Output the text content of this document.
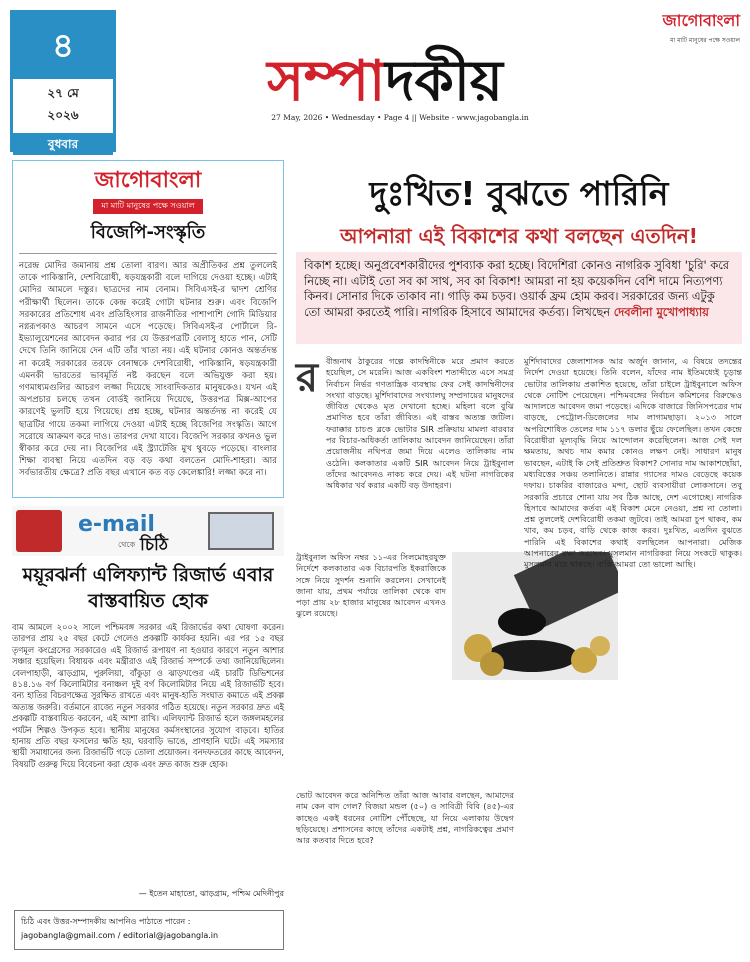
৪
২৭ মে
২০২৬
বুধবার
সম্পাদকীয়
27 May, 2026 • Wednesday • Page 4 || Website - www.jagobangla.in
জাগোবাংলা
মা মাটি মানুষের পক্ষে সওয়াল
জাগোবাংলা
মা মাটি মানুষের পক্ষে সওয়াল
বিজেপি-সংস্কৃতি
নরেন্দ্র মোদির জমানায় প্রশ্ন তোলা বারণ। আর অপ্রীতিকর প্রশ্ন তুললেই তাকে পাকিস্তানি, দেশবিরোধী, ষড়যন্ত্রকারী বলে দাগিয়ে দেওয়া হচ্ছে। এটাই মোদির আমলে দস্তুর। ছাত্রদের নাম বেনাম। সিবিএসই-র দ্বাদশ শ্রেণির পরীক্ষার্থী ছিলেন। তাকে কেন্দ্র করেই গোটা ঘটনার শুরু। এবং বিজেপি সরকারের প্রতিশোধ এবং প্রতিহিংসার রাজনীতির পাশাপাশি গোদি মিডিয়ার নগ্নরূপকাও আচরণ সামনে এসে পড়েছে। সিবিএসই-র পোর্টালে রি-ইভ্যালুয়েশনের আবেদন করার পর যে উত্তরপত্রটি বেলাসু হাতে পান, সেটি দেখে তিনি জানিয়ে দেন এটি তাঁর খাতা নয়। এই ঘটনার কোনও অন্তর্তদন্ত না করেই সরকারের তরফে বেনাম্বকে দেশবিরোধী, পাকিস্তানি, ষড়যন্ত্রকারী এমনকী ভারতের ভাবমূর্তি নষ্ট করছেন বলে অভিযুক্ত করা হয়। গণমাধ্যমগুলির আচরণ লজ্জা দিয়েছে সাংবাদিকতার মানুষকেও। যখন এই অপপ্রচার চলছে তখন বোর্ডই জানিয়ে দিয়েছে, উত্তরপত্র মিক্স-আপের কারণেই ভুলটি হয়ে গিয়েছে। প্রশ্ন হচ্ছে, ঘটনার অন্তর্তদন্ত না করেই যে ছাত্রটির গায়ে তকমা লাগিয়ে দেওয়া এটাই হচ্ছে বিজেপির সংস্কৃতি। আগে সরোষে আক্রমণ করে দাও। তারপর দেখা যাবে। বিজেপি সরকার কখনও ভুল স্বীকার করে দেয় না। বিজেপির এই স্ট্র্যাটেজি মুখ থুবড়ে পড়েছে। বাংলার শিক্ষা ব্যবস্থা নিয়ে এতদিন বড় বড় কথা বলতেন মোদি-শাহরা। আর সর্বভারতীয় ক্ষেত্রে? প্রতি বছর এখানে কত বড় কেলেঙ্কারি! লজ্জা করে না।
e-mail
থেকে চিঠি
ময়ূরঝর্না এলিফ্যান্ট রিজার্ভ এবার বাস্তবায়িত হোক
বাম আমলে ২০০২ সালে পশ্চিমবঙ্গ সরকার এই রিজার্ভের কথা ঘোষণা করেন। তারপর প্রায় ২৫ বছর কেটে গেলেও প্রকল্পটি কার্যকর হয়নি। এর পর ১৫ বছর তৃণমূল কংগ্রেসের সরকারেও এই রিজার্ভ রূপায়ণ না হওয়ার কারণে নতুন আশার সঞ্চার হয়েছিল। বিধায়ক এবং মন্ত্রীরাও এই রিজার্ভ সম্পর্কে তথ্য জানিয়েছিলেন। বেলপাহাড়ী, ঝাড়গ্রাম, পুরুলিয়া, বাঁকুড়া ও ঝাড়খণ্ডের এই চারটি ডিভিশনের ৪১৪.১৬ বর্গ কিলোমিটার বনাঞ্চল দুই বর্গ কিলোমিটার নিয়ে এই রিজার্ভটি হবে। বন্য হাতির বিচরণক্ষেত্র সুরক্ষিত রাখতে এবং মানুষ-হাতি সংঘাত কমাতে এই প্রকল্প অত্যন্ত জরুরি। বর্তমানে রাজ্যে নতুন সরকার গঠিত হয়েছে। নতুন সরকার দ্রুত এই প্রকল্পটি বাস্তবায়িত করবেন, এই আশা রাখি। এলিফ্যান্ট রিজার্ভ হলে জঙ্গলমহলের পর্যটন শিল্পও উপকৃত হবে। স্থানীয় মানুষের কর্মসংস্থানের সুযোগ বাড়বে। হাতির হানায় প্রতি বছর ফসলের ক্ষতি হয়, ঘরবাড়ি ভাঙে, প্রাণহানি ঘটে। এই সমস্যার স্থায়ী সমাধানের জন্য রিজার্ভটি গড়ে তোলা প্রয়োজন। বনদফতরের কাছে আবেদন, বিষয়টি গুরুত্ব দিয়ে বিবেচনা করা হোক এবং দ্রুত কাজ শুরু হোক।
— ইতেন মাহাতো, ঝাড়গ্রাম, পশ্চিম মেদিনীপুর
চিঠি এবং উত্তর-সম্পাদকীয় আপনিও পাঠাতে পারেন :
jagobangla@gmail.com / editorial@jagobangla.in
দুঃখিত! বুঝতে পারিনি
আপনারা এই বিকাশের কথা বলছেন এতদিন!
বিকাশ হচ্ছে। অনুপ্রবেশকারীদের পুশব্যাক করা হচ্ছে। বিদেশিরা কোনও নাগরিক সুবিধা 'চুরি' করে নিচ্ছে না। এটাই তো সব কা সাথ, সব কা বিকাশ! আমরা না হয় কয়েকদিন বেশি দামে নিত্যপণ্য কিনব। সোনার দিকে তাকাব না। গাড়ি কম চড়ব। ওয়ার্ক ফ্রম হোম করব। সরকারের জন্য এটুকু তো আমরা করতেই পারি। নাগরিক হিসাবে আমাদের কর্তব্য। লিখছেন দেবলীনা মুখোপাধ্যায়
র বীন্দ্রনাথ ঠাকুরের গল্পে কাদম্বিনীকে মরে প্রমাণ করতে হয়েছিল, সে মরেনি। আজ একবিংশ শতাব্দীতে এসে সমগ্র নির্বাচন নির্ভর গণতান্ত্রিক ব্যবস্থায় ফের সেই কাদম্বিনীদের সংখ্যা বাড়ছে। মুর্শিদাবাদের সংখ্যালঘু সম্প্রদায়ের মানুষদের জীবিত থেকেও মৃত দেখানো হচ্ছে। মহিলা বলে বুঝি প্রমাণিত হবে তাঁরা জীবিত। এই বাস্তব অত্যন্ত জটিল। ফরাক্কার চাচণ্ড ব্লকে ভোটার SIR প্রক্রিয়ায় মামলা বারবার পর বিচার-অধিকর্তা তালিকায় আবেদন জানিয়েছেন। তাঁরা প্রয়োজনীয় নথিপত্র জমা দিয়ে এলেও তালিকায় নাম ওঠেনি। কলকাতার একটি SIR আবেদন নিয়ে ট্রাইবুনাল তাঁদের আবেদনও নাকচ করে দেয়। এই ঘটনা নাগরিকের অধিকার খর্ব করার একটি বড় উদাহরণ।

ট্রাইবুনাল অফিস নম্বর ১১-এর সিলমোহরযুক্ত নির্দেশে কলকাতার এক বিচারপতি ইকরাজিকে সঙ্গে নিয়ে সুদর্শন শুনানি করলেন। সেখানেই জানা যায়, প্রথম পর্যায়ে তালিকা থেকে বাদ পড়া প্রায় ২৮ হাজার মানুষের আবেদন এখনও ঝুলে রয়েছে।

ভোট আবেদন করে অনিশ্চিত তাঁরা আজ আবার বলছেন, আমাদের নাম কেন বাদ গেল? বিজয়া মন্ডল (৫০) ও সাবিত্রী বিবি (৪৫)-এর কাছেও একই ধরনের নোটিশ পৌঁছেছে, যা নিয়ে এলাকায় উদ্বেগ ছড়িয়েছে। প্রশাসনের কাছে তাঁদের একটাই প্রশ্ন, নাগরিকত্বের প্রমাণ আর কতবার দিতে হবে?

মুর্শিদাবাদের জেলাশাসক আর অর্জুন জানান, এ বিষয়ে তদন্তের নির্দেশ দেওয়া হয়েছে। তিনি বলেন, যাঁদের নাম ইতিমধ্যেই চূড়ান্ত ভোটার তালিকায় প্রকাশিত হয়েছে, তাঁরা চাইলে ট্রাইবুনালে অফিস থেকে নোটিশ পেয়েছেন। পশ্চিমবঙ্গের নির্বাচন কমিশনের বিরুদ্ধেও আদালতে আবেদন জমা পড়েছে। এদিকে বাজারে জিনিসপত্রের দাম বাড়ছে, পেট্রোল-ডিজেলের দাম লাগামছাড়া। ২০১৩ সালে অপরিশোধিত তেলের দাম ১১৭ ডলার ছুঁয়ে ফেলেছিল। তখন কেন্দ্রে বিরোধীরা মূল্যবৃদ্ধি নিয়ে আন্দোলন করেছিলেন। আজ সেই দল ক্ষমতায়, অথচ দাম কমার কোনও লক্ষণ নেই। সাধারণ মানুষ ভাবছেন, এটাই কি সেই প্রতিশ্রুত বিকাশ? সোনার দাম আকাশছোঁয়া, মধ্যবিত্তের সঞ্চয় তলানিতে। রান্নার গ্যাসের দামও বেড়েছে কয়েক দফায়। চাকরির বাজারেও মন্দা, ছোট ব্যবসায়ীরা লোকসানে। তবু সরকারি প্রচারে শোনা যায় সব ঠিক আছে, দেশ এগোচ্ছে। নাগরিক হিসাবে আমাদের কর্তব্য এই বিকাশ মেনে নেওয়া, প্রশ্ন না তোলা। প্রশ্ন তুললেই দেশবিরোধী তকমা জুটবে। তাই আমরা চুপ থাকব, কম খাব, কম চড়ব, বাড়ি থেকে কাজ করব। দুঃখিত, এতদিন বুঝতে পারিনি এই বিকাশের কথাই বলছিলেন আপনারা। মেজিক আপনারের রক্ষা করছেন। মুসলমান নাগরিকরা নিয়ে সংকটে থাকুক। মুসলমান মাত্র থাকছে। বাকি আমরা তো ভালো আছি।
